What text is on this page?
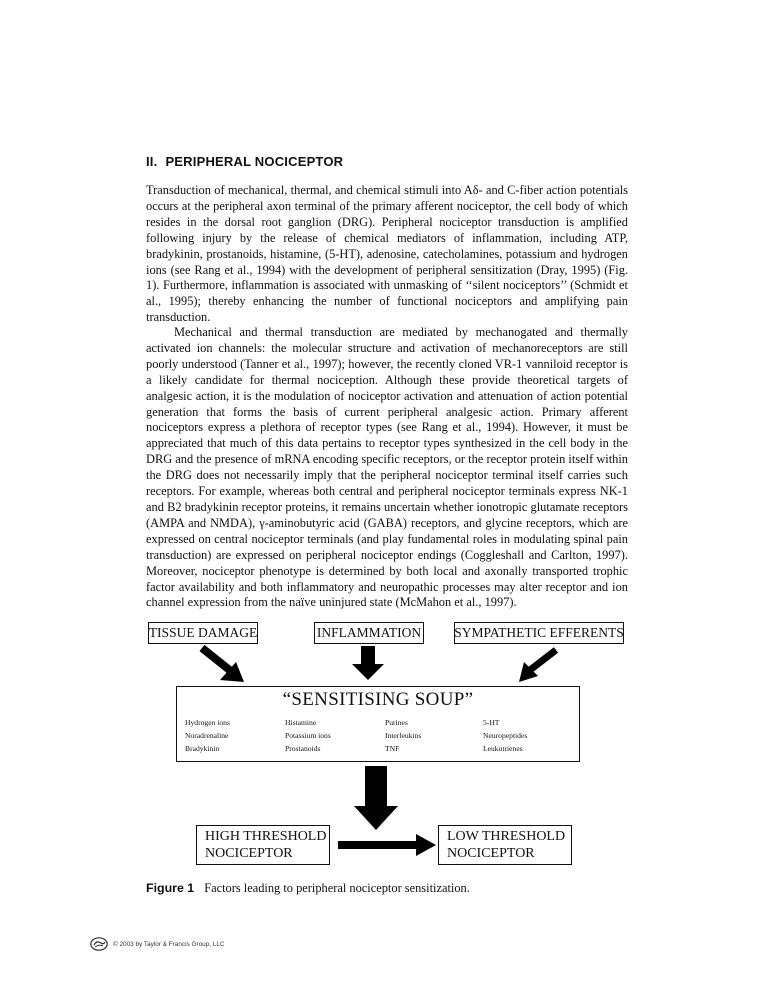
II. PERIPHERAL NOCICEPTOR
Transduction of mechanical, thermal, and chemical stimuli into Aδ- and C-fiber action potentials occurs at the peripheral axon terminal of the primary afferent nociceptor, the cell body of which resides in the dorsal root ganglion (DRG). Peripheral nociceptor transduction is amplified following injury by the release of chemical mediators of inflammation, including ATP, bradykinin, prostanoids, histamine, (5-HT), adenosine, catecholamines, potassium and hydrogen ions (see Rang et al., 1994) with the development of peripheral sensitization (Dray, 1995) (Fig. 1). Furthermore, inflammation is associated with unmasking of ‘‘silent nociceptors’’ (Schmidt et al., 1995); thereby enhancing the number of functional nociceptors and amplifying pain transduction.
Mechanical and thermal transduction are mediated by mechanogated and thermally activated ion channels: the molecular structure and activation of mechanoreceptors are still poorly understood (Tanner et al., 1997); however, the recently cloned VR-1 vanniloid receptor is a likely candidate for thermal nociception. Although these provide theoretical targets of analgesic action, it is the modulation of nociceptor activation and attenuation of action potential generation that forms the basis of current peripheral analgesic action. Primary afferent nociceptors express a plethora of receptor types (see Rang et al., 1994). However, it must be appreciated that much of this data pertains to receptor types synthesized in the cell body in the DRG and the presence of mRNA encoding specific receptors, or the receptor protein itself within the DRG does not necessarily imply that the peripheral nociceptor terminal itself carries such receptors. For example, whereas both central and peripheral nociceptor terminals express NK-1 and B2 bradykinin receptor proteins, it remains uncertain whether ionotropic glutamate receptors (AMPA and NMDA), γ-aminobutyric acid (GABA) receptors, and glycine receptors, which are expressed on central nociceptor terminals (and play fundamental roles in modulating spinal pain transduction) are expressed on peripheral nociceptor endings (Coggleshall and Carlton, 1997). Moreover, nociceptor phenotype is determined by both local and axonally transported trophic factor availability and both inflammatory and neuropathic processes may alter receptor and ion channel expression from the naïve uninjured state (McMahon et al., 1997).
TISSUE DAMAGE	INFLAMMATION SYMPATHETIC EFFERENTS
“SENSITISING SOUP”
Hydrogen ions	Histamine	Purines	5-HT
Noradrenaline	Potassium ions	Interleukins	Neuropeptides
Bradykinin	Prostanoids	TNF	Leukotrienes
HIGH THRESHOLD
NOCICEPTOR
LOW THRESHOLD
NOCICEPTOR
Figure 1 Factors leading to peripheral nociceptor sensitization.
© 2003 by Taylor & Francis Group, LLC
